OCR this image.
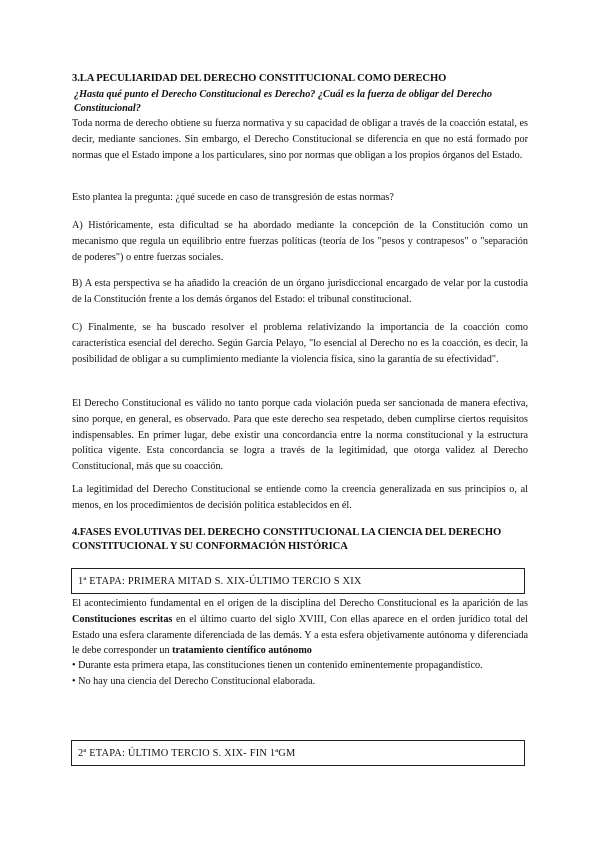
3.LA PECULIARIDAD DEL DERECHO CONSTITUCIONAL COMO DERECHO
¿Hasta qué punto el Derecho Constitucional es Derecho? ¿Cuál es la fuerza de obligar del Derecho Constitucional?

Toda norma de derecho obtiene su fuerza normativa y su capacidad de obligar a través de la coacción estatal, es decir, mediante sanciones. Sin embargo, el Derecho Constitucional se diferencia en que no está formado por normas que el Estado impone a los particulares, sino por normas que obligan a los propios órganos del Estado.

Esto plantea la pregunta: ¿qué sucede en caso de transgresión de estas normas?

A) Históricamente, esta dificultad se ha abordado mediante la concepción de la Constitución como un mecanismo que regula un equilibrio entre fuerzas políticas (teoría de los "pesos y contrapesos" o "separación de poderes") o entre fuerzas sociales.

B) A esta perspectiva se ha añadido la creación de un órgano jurisdiccional encargado de velar por la custodia de la Constitución frente a los demás órganos del Estado: el tribunal constitucional.

C) Finalmente, se ha buscado resolver el problema relativizando la importancia de la coacción como característica esencial del derecho. Según García Pelayo, "lo esencial al Derecho no es la coacción, es decir, la posibilidad de obligar a su cumplimiento mediante la violencia física, sino la garantía de su efectividad".

El Derecho Constitucional es válido no tanto porque cada violación pueda ser sancionada de manera efectiva, sino porque, en general, es observado. Para que este derecho sea respetado, deben cumplirse ciertos requisitos indispensables. En primer lugar, debe existir una concordancia entre la norma constitucional y la estructura política vigente. Esta concordancia se logra a través de la legitimidad, que otorga validez al Derecho Constitucional, más que su coacción.

La legitimidad del Derecho Constitucional se entiende como la creencia generalizada en sus principios o, al menos, en los procedimientos de decisión política establecidos en él.

4.FASES EVOLUTIVAS DEL DERECHO CONSTITUCIONAL LA CIENCIA DEL DERECHO CONSTITUCIONAL Y SU CONFORMACIÓN HISTÓRICA
1ª ETAPA: PRIMERA MITAD S. XIX-ÚLTIMO TERCIO S XIX

El acontecimiento fundamental en el origen de la disciplina del Derecho Constitucional es la aparición de las Constituciones escritas en el último cuarto del siglo XVIII, Con ellas aparece en el orden jurídico total del Estado una esfera claramente diferenciada de las demás. Y a esta esfera objetivamente autónoma y diferenciada le debe corresponder un tratamiento científico autónomo

• Durante esta primera etapa, las constituciones tienen un contenido eminentemente propagandístico.
• No hay una ciencia del Derecho Constitucional elaborada.
2ª ETAPA: ÚLTIMO TERCIO S. XIX- FIN 1ªGM
